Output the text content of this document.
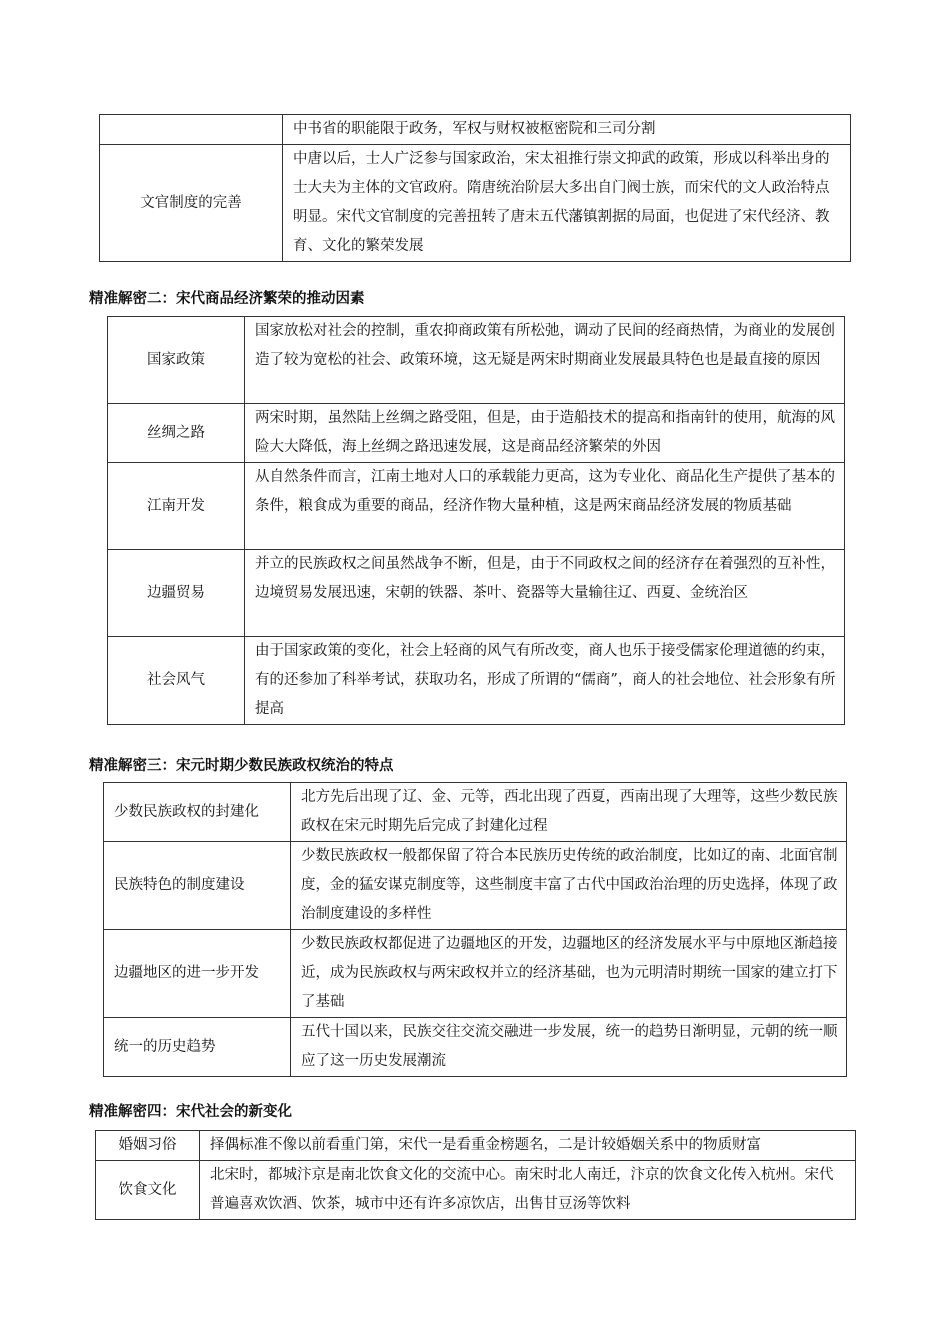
	中书省的职能限于政务，军权与财权被枢密院和三司分割
文官制度的完善	中唐以后，士人广泛参与国家政治，宋太祖推行崇文抑武的政策，形成以科举出身的士大夫为主体的文官政府。隋唐统治阶层大多出自门阀士族，而宋代的文人政治特点明显。宋代文官制度的完善扭转了唐末五代藩镇割据的局面，也促进了宋代经济、教育、文化的繁荣发展
精准解密二：宋代商品经济繁荣的推动因素
国家政策	国家放松对社会的控制，重农抑商政策有所松弛，调动了民间的经商热情，为商业的发展创造了较为宽松的社会、政策环境，这无疑是两宋时期商业发展最具特色也是最直接的原因
丝绸之路	两宋时期，虽然陆上丝绸之路受阻，但是，由于造船技术的提高和指南针的使用，航海的风险大大降低，海上丝绸之路迅速发展，这是商品经济繁荣的外因
江南开发	从自然条件而言，江南土地对人口的承载能力更高，这为专业化、商品化生产提供了基本的条件，粮食成为重要的商品，经济作物大量种植，这是两宋商品经济发展的物质基础
边疆贸易	并立的民族政权之间虽然战争不断，但是，由于不同政权之间的经济存在着强烈的互补性，边境贸易发展迅速，宋朝的铁器、茶叶、瓷器等大量输往辽、西夏、金统治区
社会风气	由于国家政策的变化，社会上轻商的风气有所改变，商人也乐于接受儒家伦理道德的约束，有的还参加了科举考试，获取功名，形成了所谓的“儒商”，商人的社会地位、社会形象有所提高
精准解密三：宋元时期少数民族政权统治的特点
少数民族政权的封建化	北方先后出现了辽、金、元等，西北出现了西夏，西南出现了大理等，这些少数民族政权在宋元时期先后完成了封建化过程
民族特色的制度建设	少数民族政权一般都保留了符合本民族历史传统的政治制度，比如辽的南、北面官制度，金的猛安谋克制度等，这些制度丰富了古代中国政治治理的历史选择，体现了政治制度建设的多样性
边疆地区的进一步开发	少数民族政权都促进了边疆地区的开发，边疆地区的经济发展水平与中原地区渐趋接近，成为民族政权与两宋政权并立的经济基础，也为元明清时期统一国家的建立打下了基础
统一的历史趋势	五代十国以来，民族交往交流交融进一步发展，统一的趋势日渐明显，元朝的统一顺应了这一历史发展潮流
精准解密四：宋代社会的新变化
婚姻习俗	择偶标准不像以前看重门第，宋代一是看重金榜题名，二是计较婚姻关系中的物质财富
饮食文化	北宋时，都城汴京是南北饮食文化的交流中心。南宋时北人南迁，汴京的饮食文化传入杭州。宋代普遍喜欢饮酒、饮茶，城市中还有许多凉饮店，出售甘豆汤等饮料
